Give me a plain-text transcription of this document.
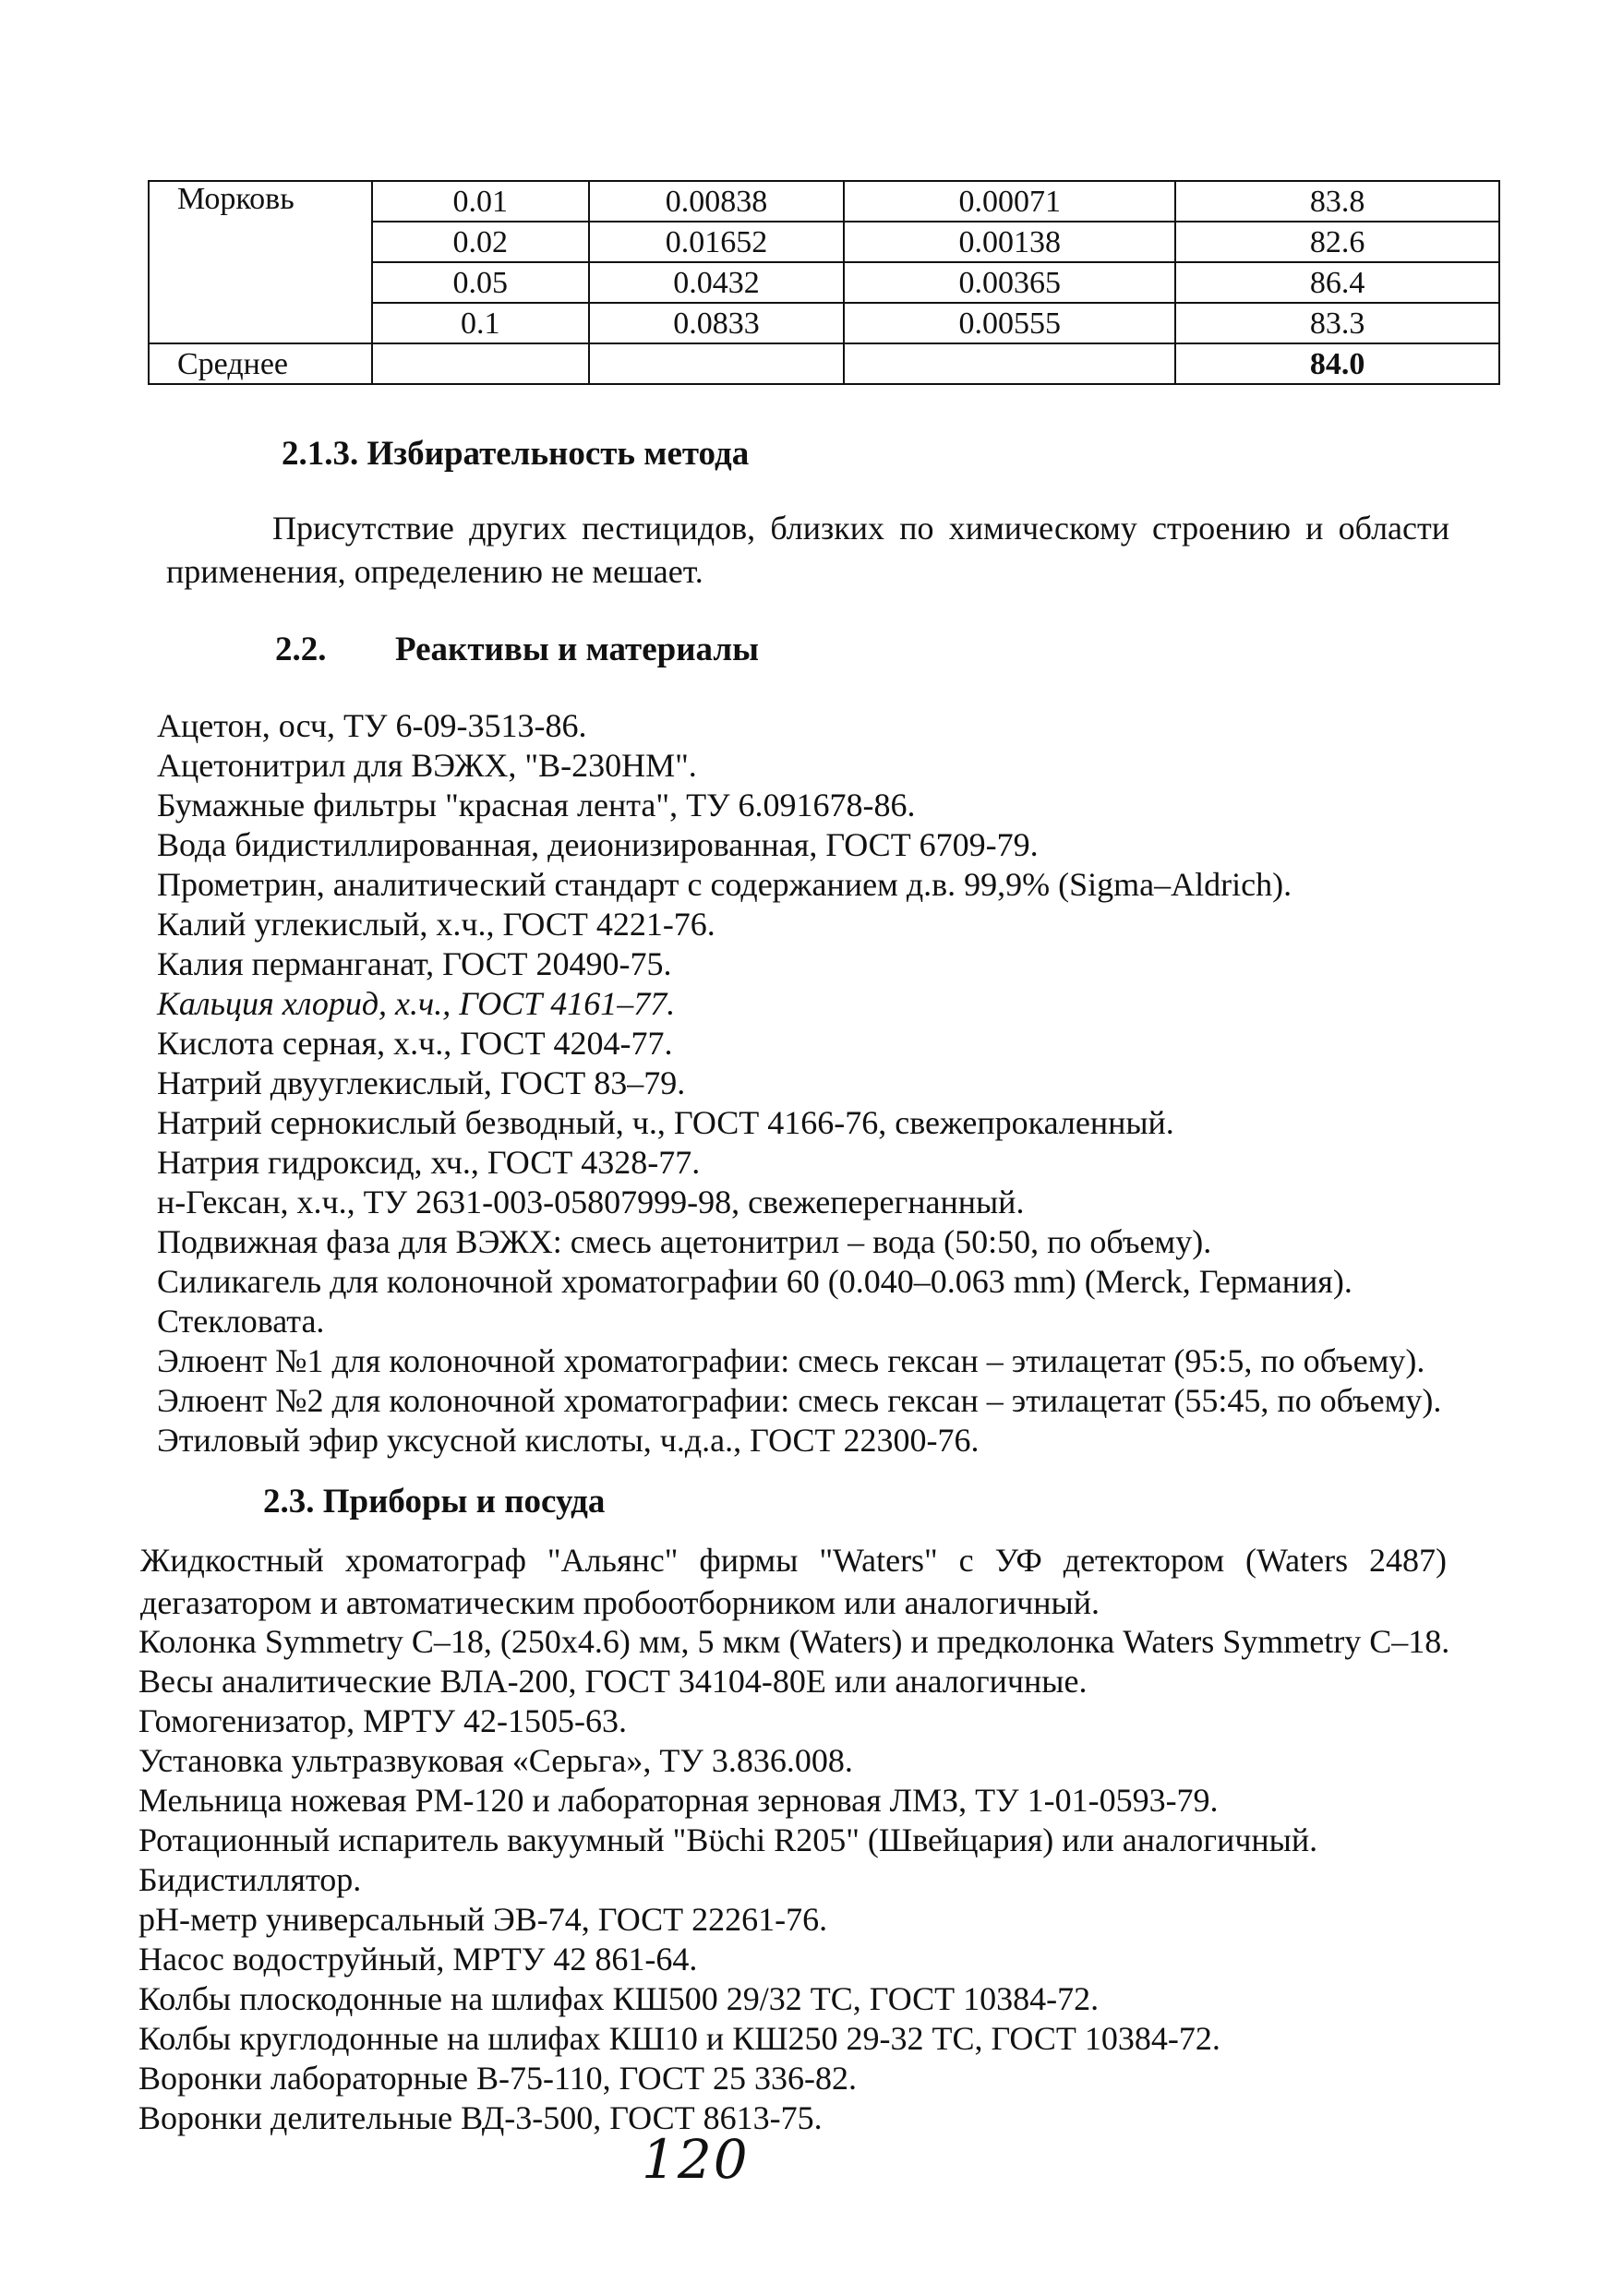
Морковь	0.01	0.00838	0.00071	83.8
	0.02	0.01652	0.00138	82.6
	0.05	0.0432	0.00365	86.4
	0.1	0.0833	0.00555	83.3
Среднее				84.0
2.1.3. Избирательность метода
Присутствие других пестицидов, близких по химическому строению и области
применения, определению не мешает.
2.2. Реактивы и материалы
Ацетон, осч, ТУ 6-09-3513-86.
Ацетонитрил для ВЭЖХ, "В-230НМ".
Бумажные фильтры "красная лента", ТУ 6.091678-86.
Вода бидистиллированная, деионизированная, ГОСТ 6709-79.
Прометрин, аналитический стандарт с содержанием д.в. 99,9% (Sigma–Aldrich).
Калий углекислый, х.ч., ГОСТ 4221-76.
Калия перманганат, ГОСТ 20490-75.
Кальция хлорид, х.ч., ГОСТ 4161–77.
Кислота серная, х.ч., ГОСТ 4204-77.
Натрий двууглекислый, ГОСТ 83–79.
Натрий сернокислый безводный, ч., ГОСТ 4166-76, свежепрокаленный.
Натрия гидроксид, хч., ГОСТ 4328-77.
н-Гексан, х.ч., ТУ 2631-003-05807999-98, свежеперегнанный.
Подвижная фаза для ВЭЖХ: смесь ацетонитрил – вода (50:50, по объему).
Силикагель для колоночной хроматографии 60 (0.040–0.063 mm) (Merck, Германия).
Стекловата.
Элюент №1 для колоночной хроматографии: смесь гексан – этилацетат (95:5, по объему).
Элюент №2 для колоночной хроматографии: смесь гексан – этилацетат (55:45, по объему).
Этиловый эфир уксусной кислоты, ч.д.а., ГОСТ 22300-76.
2.3. Приборы и посуда
Жидкостный хроматограф "Альянс" фирмы "Waters" с УФ детектором (Waters 2487)
дегазатором и автоматическим пробоотборником или аналогичный.
Колонка Symmetry C–18, (250x4.6) мм, 5 мкм (Waters) и предколонка Waters Symmetry C–18.
Весы аналитические ВЛА-200, ГОСТ 34104-80Е или аналогичные.
Гомогенизатор, МРТУ 42-1505-63.
Установка ультразвуковая «Серьга», ТУ 3.836.008.
Мельница ножевая РМ-120 и лабораторная зерновая ЛМЗ, ТУ 1-01-0593-79.
Ротационный испаритель вакуумный "Bϋchi R205" (Швейцария) или аналогичный.
Бидистиллятор.
рН-метр универсальный ЭВ-74, ГОСТ 22261-76.
Насос водоструйный, МРТУ 42 861-64.
Колбы плоскодонные на шлифах КШ500 29/32 ТС, ГОСТ 10384-72.
Колбы круглодонные на шлифах КШ10 и КШ250 29-32 ТС, ГОСТ 10384-72.
Воронки лабораторные В-75-110, ГОСТ 25 336-82.
Воронки делительные ВД-3-500, ГОСТ 8613-75.
120
